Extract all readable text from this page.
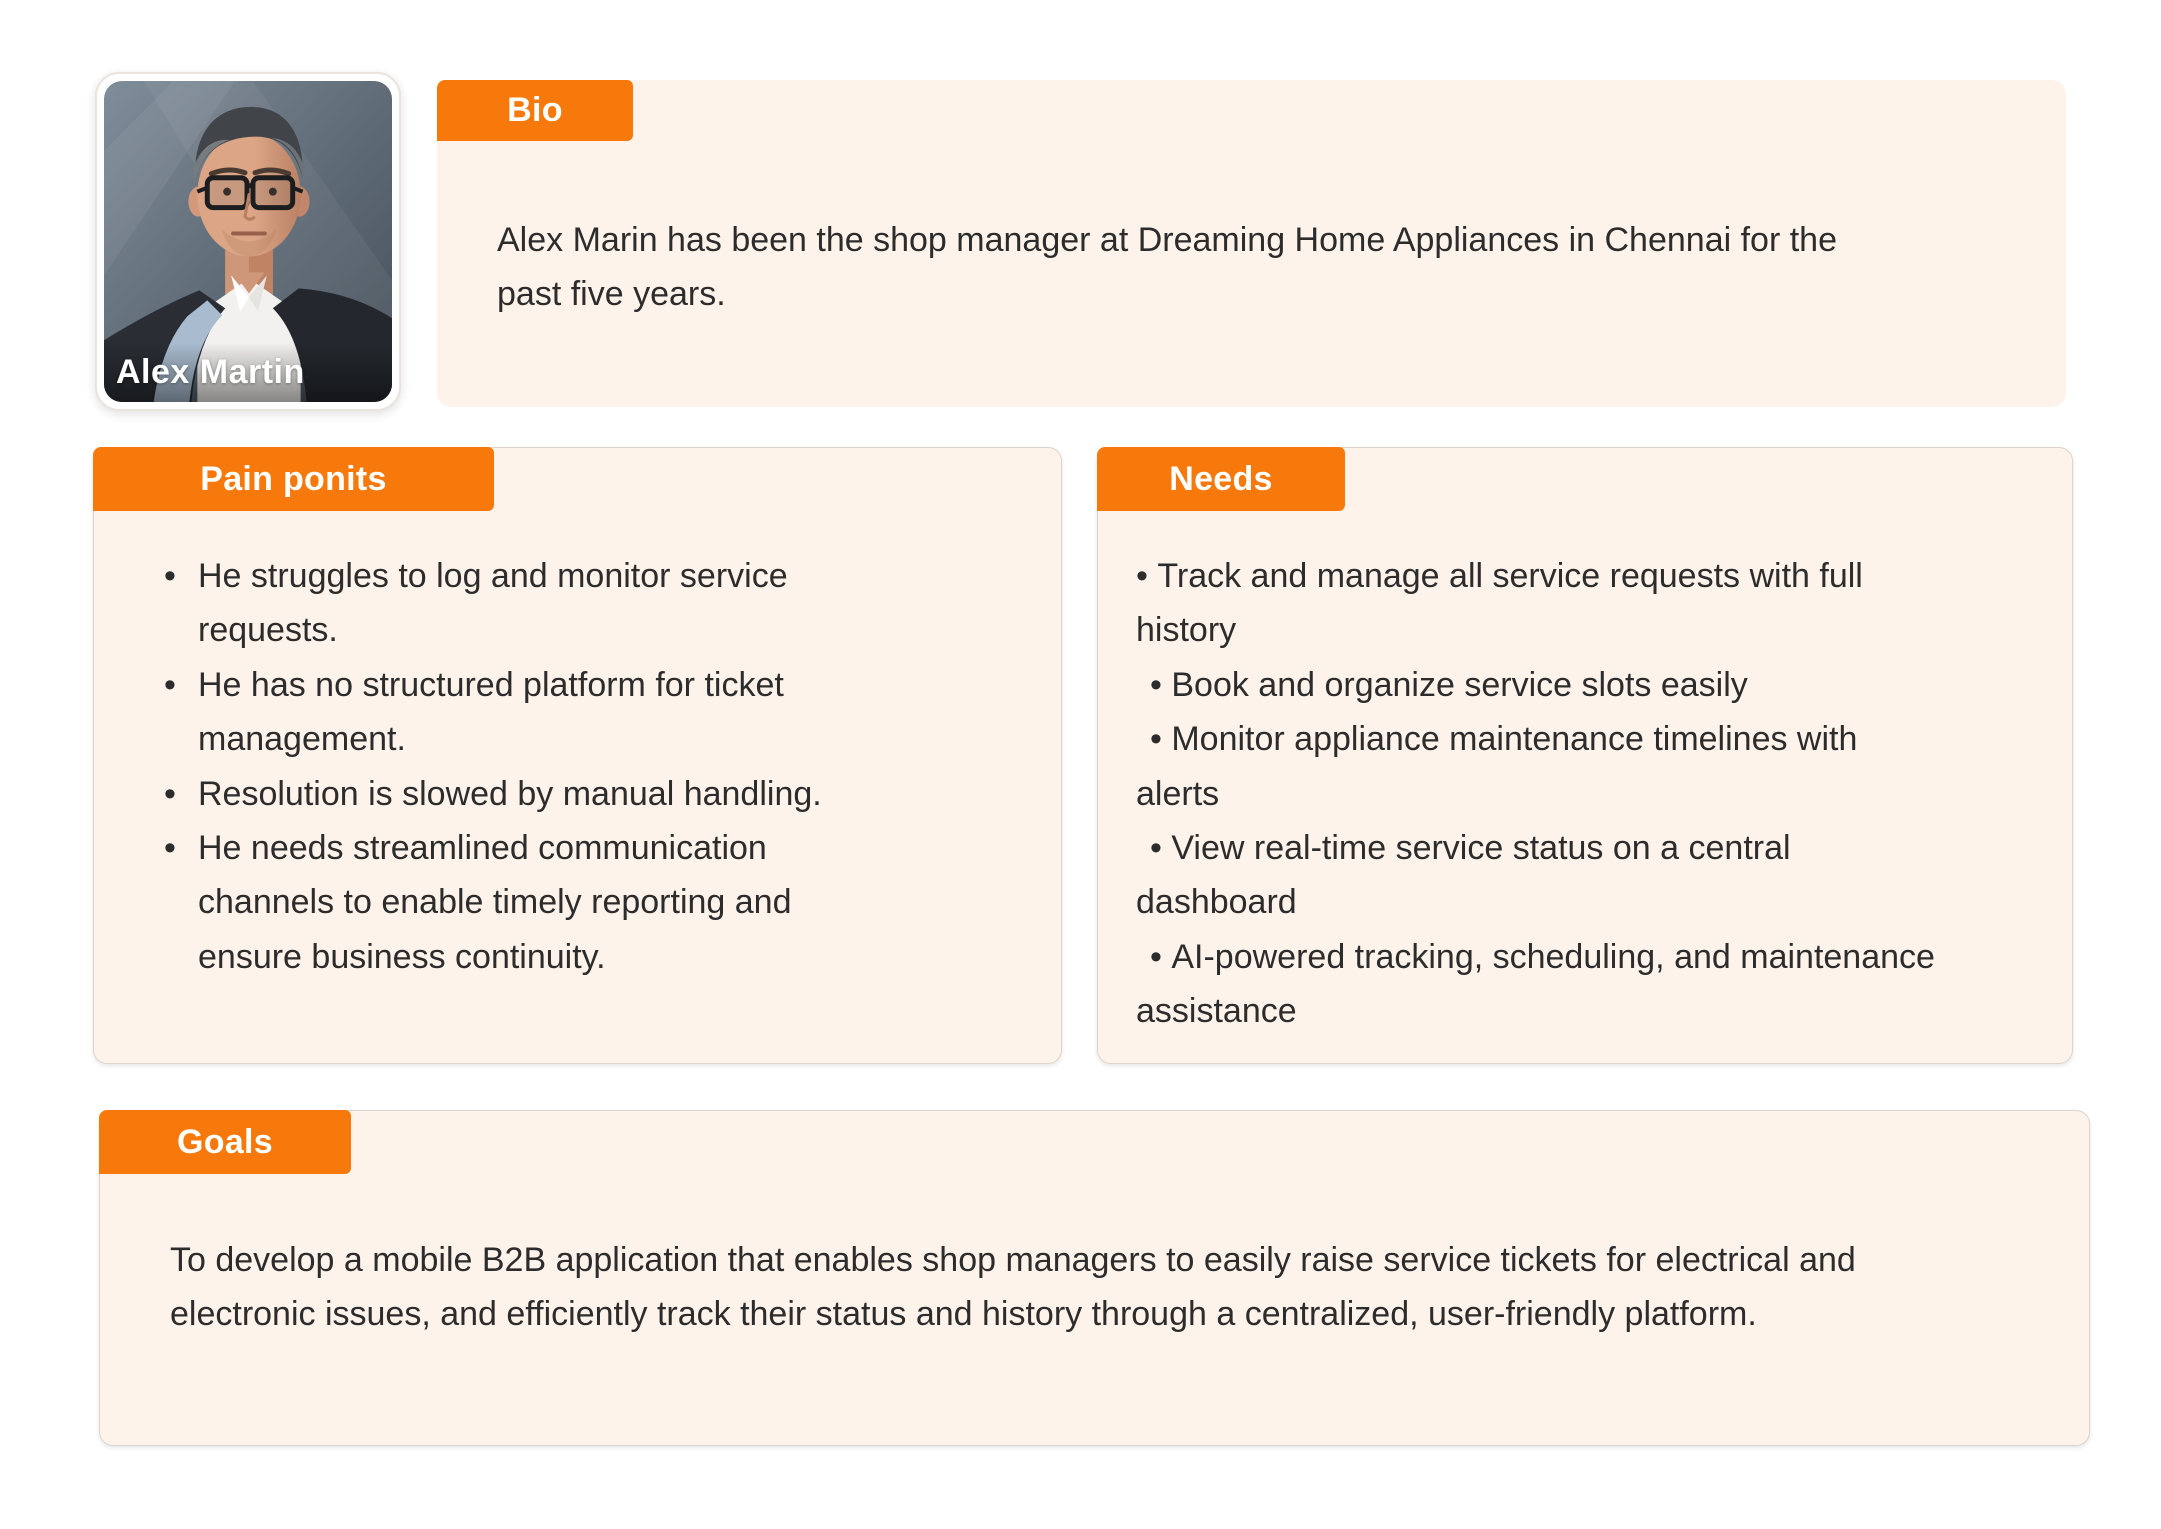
Alex Martin
Bio

Alex Marin has been the shop manager at Dreaming Home Appliances in Chennai for the past five years.

Pain ponits
• He struggles to log and monitor service requests.
• He has no structured platform for ticket management.
• Resolution is slowed by manual handling.
• He needs streamlined communication channels to enable timely reporting and ensure business continuity.
Needs
• Track and manage all service requests with full history
• Book and organize service slots easily
• Monitor appliance maintenance timelines with alerts
• View real-time service status on a central dashboard
• AI-powered tracking, scheduling, and maintenance assistance
Goals

To develop a mobile B2B application that enables shop managers to easily raise service tickets for electrical and electronic issues, and efficiently track their status and history through a centralized, user-friendly platform.
